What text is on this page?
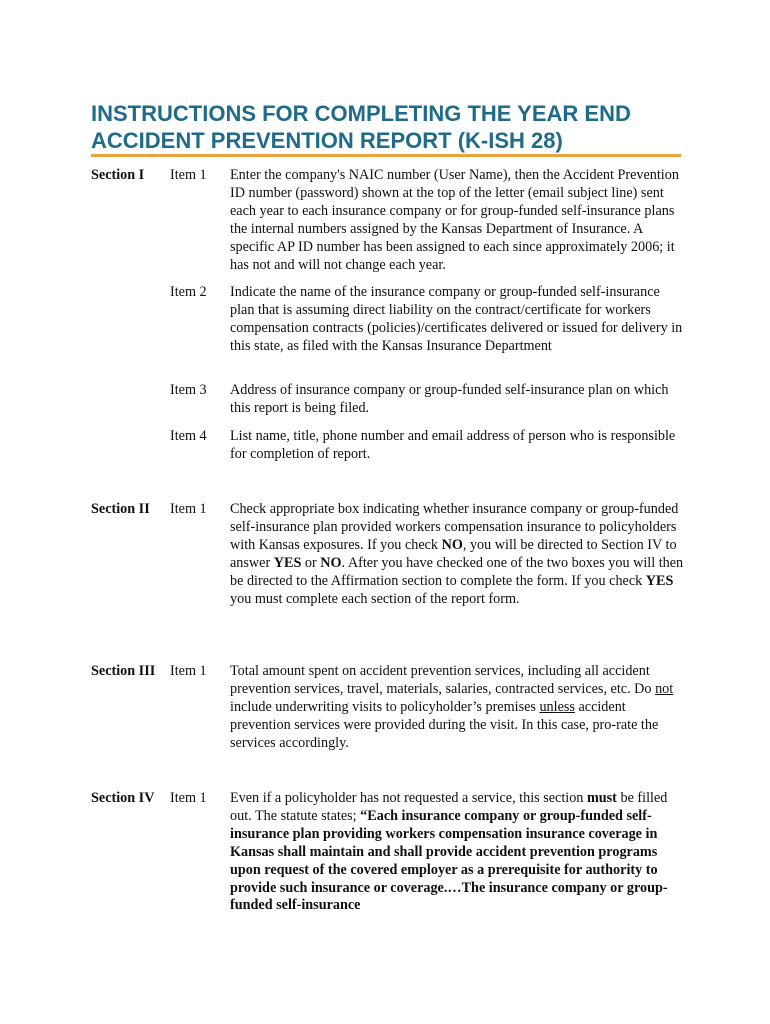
INSTRUCTIONS FOR COMPLETING THE YEAR END
ACCIDENT PREVENTION REPORT (K-ISH 28)
Section I Item 1 Enter the company's NAIC number (User Name), then the Accident Prevention ID number (password) shown at the top of the letter (email subject line) sent each year to each insurance company or for group-funded self-insurance plans the internal numbers assigned by the Kansas Department of Insurance. A specific AP ID number has been assigned to each since approximately 2006; it has not and will not change each year.
Item 2 Indicate the name of the insurance company or group-funded self-insurance plan that is assuming direct liability on the contract/certificate for workers compensation contracts (policies)/certificates delivered or issued for delivery in this state, as filed with the Kansas Insurance Department
Item 3 Address of insurance company or group-funded self-insurance plan on which this report is being filed.
Item 4 List name, title, phone number and email address of person who is responsible for completion of report.
Section II Item 1 Check appropriate box indicating whether insurance company or group-funded self-insurance plan provided workers compensation insurance to policyholders with Kansas exposures. If you check NO, you will be directed to Section IV to answer YES or NO. After you have checked one of the two boxes you will then be directed to the Affirmation section to complete the form. If you check YES you must complete each section of the report form.
Section III Item 1 Total amount spent on accident prevention services, including all accident prevention services, travel, materials, salaries, contracted services, etc. Do not include underwriting visits to policyholder’s premises unless accident prevention services were provided during the visit. In this case, pro-rate the services accordingly.
Section IV Item 1 Even if a policyholder has not requested a service, this section must be filled out. The statute states; “Each insurance company or group-funded self-insurance plan providing workers compensation insurance coverage in Kansas shall maintain and shall provide accident prevention programs upon request of the covered employer as a prerequisite for authority to provide such insurance or coverage.…The insurance company or group-funded self-insurance
